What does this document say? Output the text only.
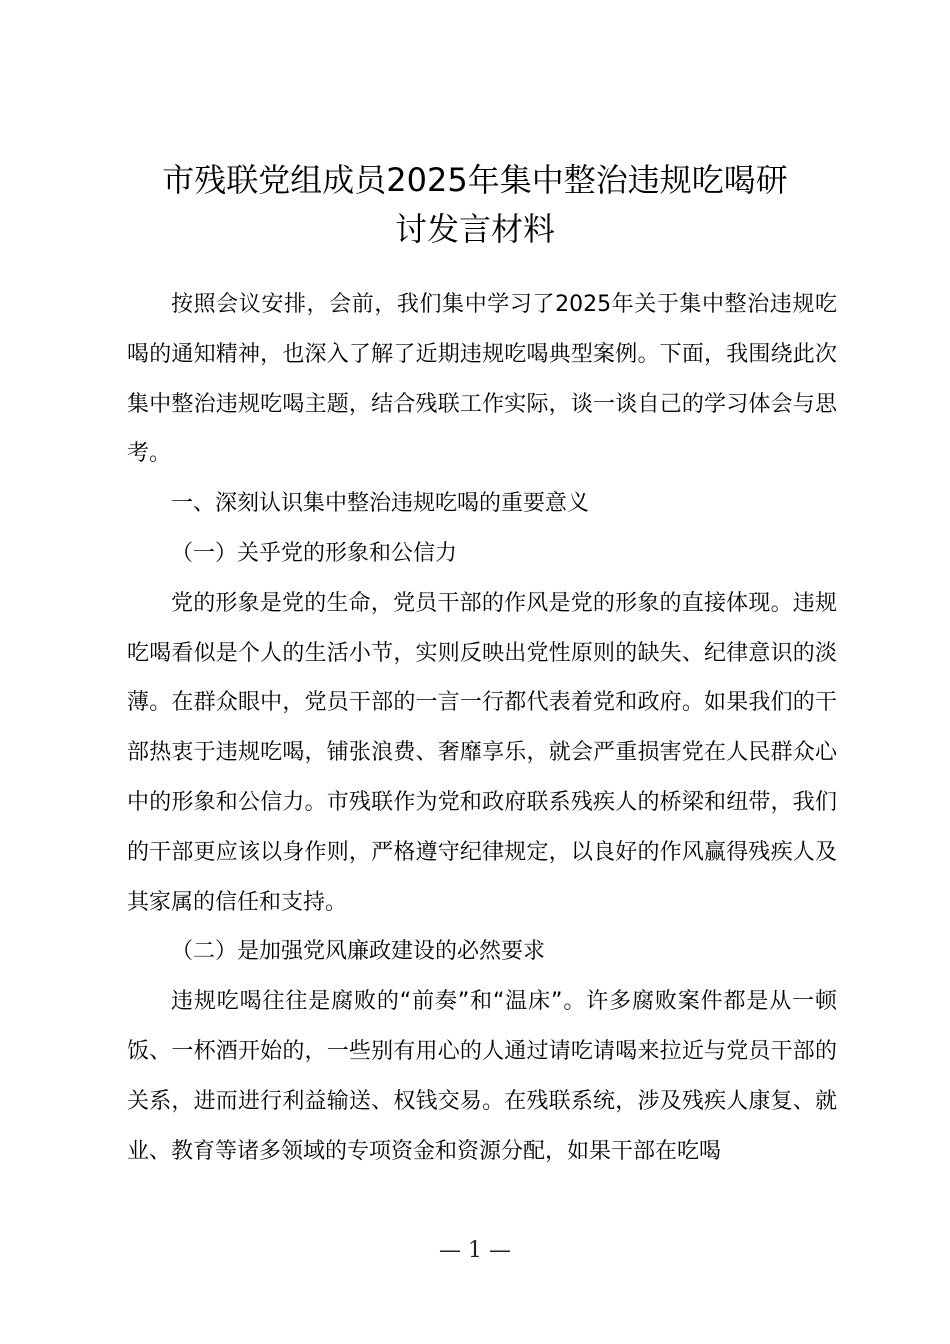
市残联党组成员2025年集中整治违规吃喝研
讨发言材料

按照会议安排，会前，我们集中学习了2025年关于集中整治违规吃喝的通知精神，也深入了解了近期违规吃喝典型案例。下面，我围绕此次集中整治违规吃喝主题，结合残联工作实际，谈一谈自己的学习体会与思考。

一、深刻认识集中整治违规吃喝的重要意义

（一）关乎党的形象和公信力

党的形象是党的生命，党员干部的作风是党的形象的直接体现。违规吃喝看似是个人的生活小节，实则反映出党性原则的缺失、纪律意识的淡薄。在群众眼中，党员干部的一言一行都代表着党和政府。如果我们的干部热衷于违规吃喝，铺张浪费、奢靡享乐，就会严重损害党在人民群众心中的形象和公信力。市残联作为党和政府联系残疾人的桥梁和纽带，我们的干部更应该以身作则，严格遵守纪律规定，以良好的作风赢得残疾人及其家属的信任和支持。

（二）是加强党风廉政建设的必然要求

违规吃喝往往是腐败的“前奏”和“温床”。许多腐败案件都是从一顿饭、一杯酒开始的，一些别有用心的人通过请吃请喝来拉近与党员干部的关系，进而进行利益输送、权钱交易。在残联系统，涉及残疾人康复、就业、教育等诸多领域的专项资金和资源分配，如果干部在吃喝

— 1 —
